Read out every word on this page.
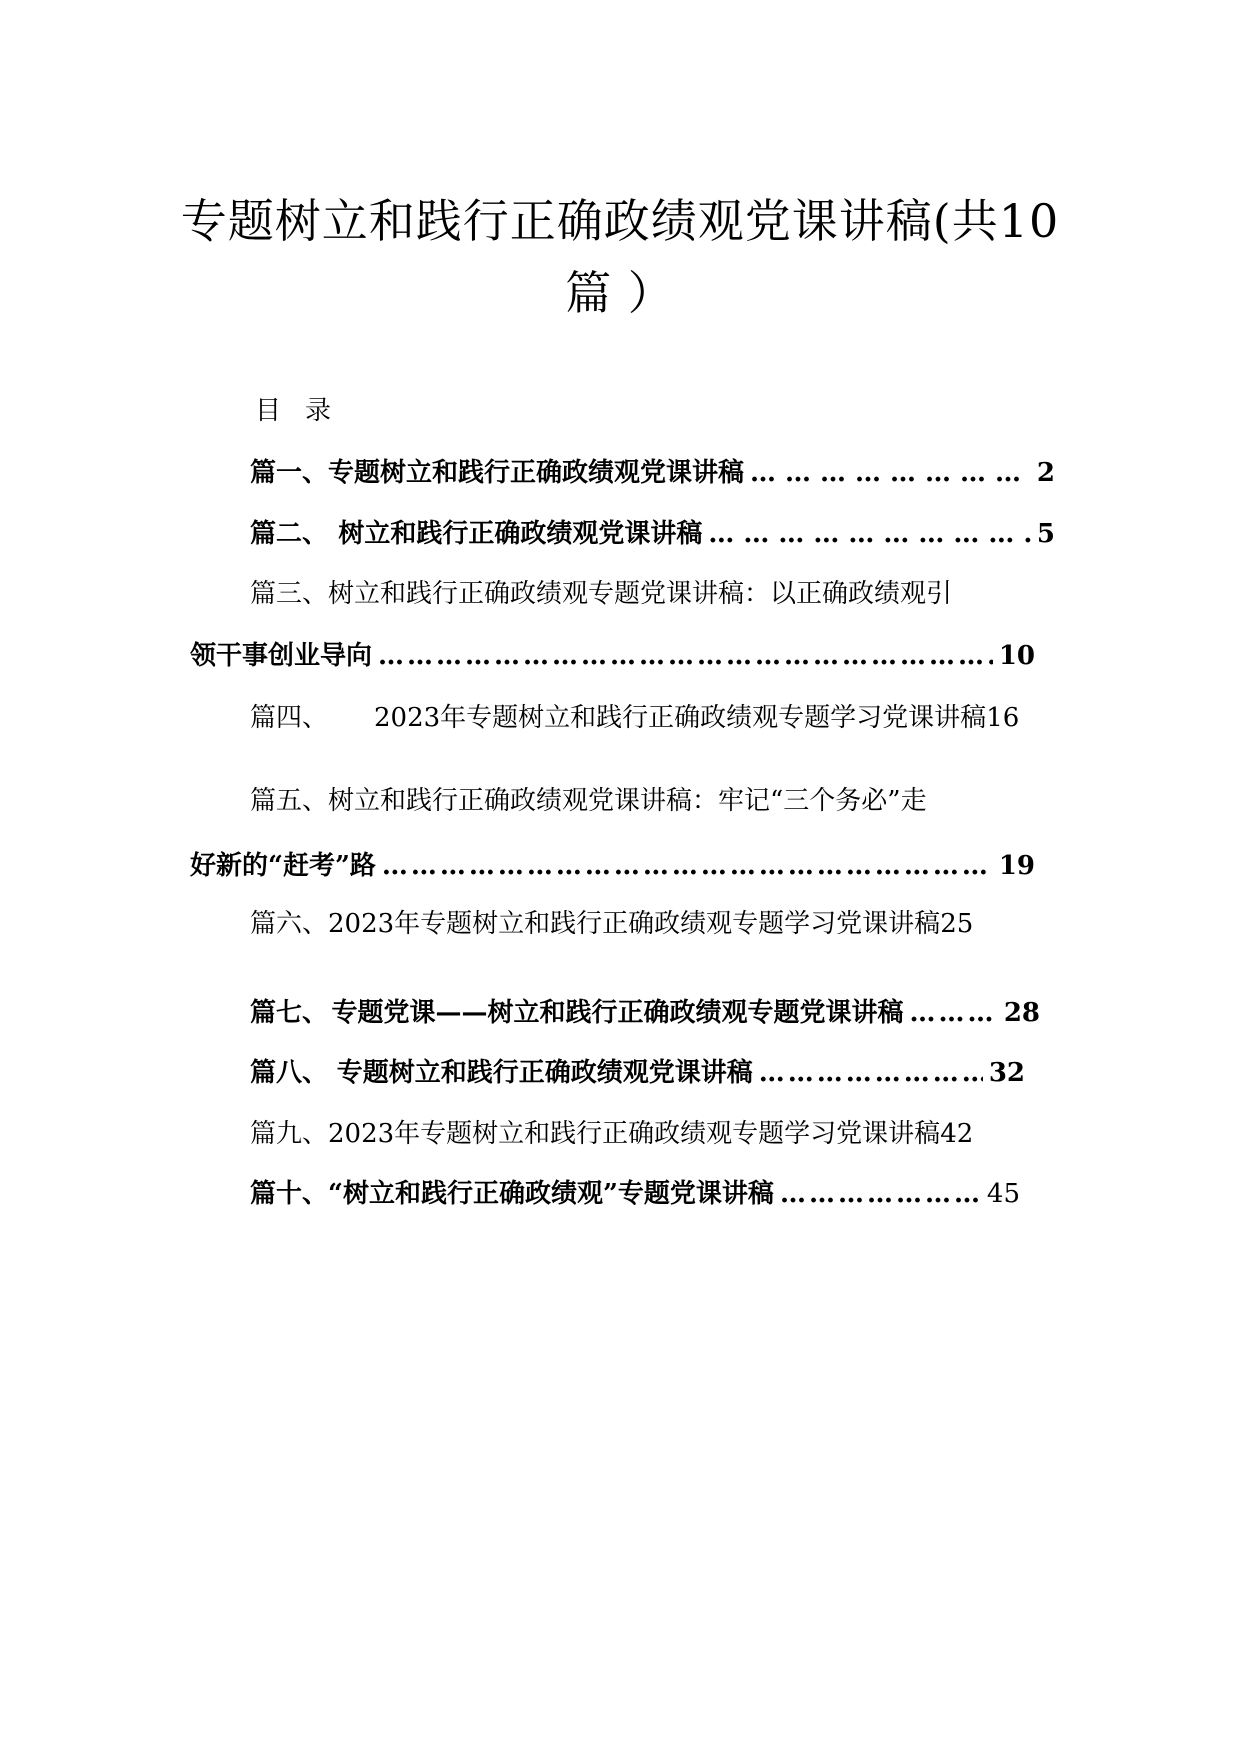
专题树立和践行正确政绩观党课讲稿(共10
篇 ）
目录
篇一、 专题树立和践行正确政绩观党课讲稿 ……………………………………………………………………………………………………………	2
篇二、 树立和践行正确政绩观党课讲稿 ……………………………………………………………………………………………………………	5
篇三、树立和践行正确政绩观专题党课讲稿：以正确政绩观引
领干事创业导向 ……………………………………………………………………………………………………………	10
篇四、 2023年专题树立和践行正确政绩观专题学习党课讲稿16
篇五、树立和践行正确政绩观党课讲稿：牢记“三个务必”走
好新的“赶考”路 ……………………………………………………………………………………………………………	19
篇六、2023年专题树立和践行正确政绩观专题学习党课讲稿25
篇七、 专题党课——树立和践行正确政绩观专题党课讲稿 ……………………………………………………………………………………………………………	28
篇八、 专题树立和践行正确政绩观党课讲稿 ……………………………………………………………………………………………………………	32
篇九、2023年专题树立和践行正确政绩观专题学习党课讲稿42
篇十、 “树立和践行正确政绩观”专题党课讲稿 ……………………………………………………………………………………………………………	45
